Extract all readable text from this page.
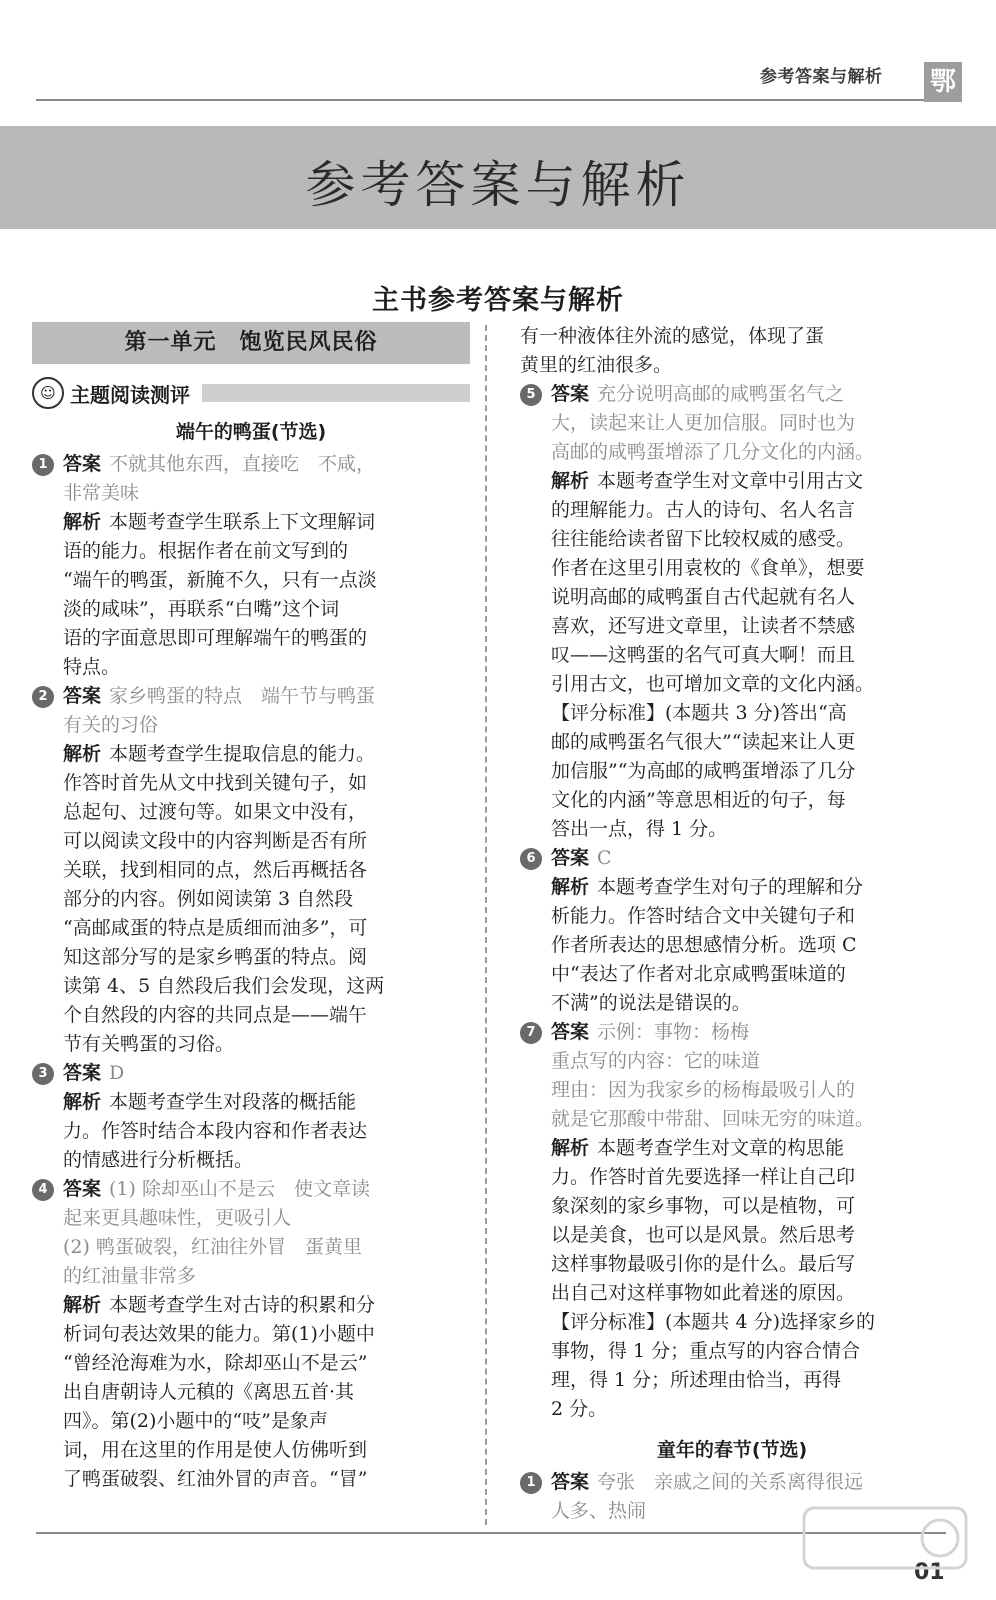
参考答案与解析	鄂
参考答案与解析
主书参考答案与解析
第一单元　饱览民风民俗
☺ 主题阅读测评
端午的鸭蛋(节选)
1 答案 不就其他东西，直接吃　不咸，

非常美味

解析 本题考查学生联系上下文理解词

语的能力。根据作者在前文写到的

“端午的鸭蛋，新腌不久，只有一点淡

淡的咸味”，再联系“白嘴”这个词

语的字面意思即可理解端午的鸭蛋的

特点。

2 答案 家乡鸭蛋的特点　端午节与鸭蛋

有关的习俗

解析 本题考查学生提取信息的能力。

作答时首先从文中找到关键句子，如

总起句、过渡句等。如果文中没有，

可以阅读文段中的内容判断是否有所

关联，找到相同的点，然后再概括各

部分的内容。例如阅读第 3 自然段

“高邮咸蛋的特点是质细而油多”，可

知这部分写的是家乡鸭蛋的特点。阅

读第 4、5 自然段后我们会发现，这两

个自然段的内容的共同点是——端午

节有关鸭蛋的习俗。

3 答案 D

解析 本题考查学生对段落的概括能

力。作答时结合本段内容和作者表达

的情感进行分析概括。

4 答案 (1) 除却巫山不是云　使文章读

起来更具趣味性，更吸引人

(2) 鸭蛋破裂，红油往外冒　蛋黄里

的红油量非常多

解析 本题考查学生对古诗的积累和分

析词句表达效果的能力。第(1)小题中

“曾经沧海难为水，除却巫山不是云”

出自唐朝诗人元稹的《离思五首·其

四》。第(2)小题中的“吱”是象声

词，用在这里的作用是使人仿佛听到

了鸭蛋破裂、红油外冒的声音。“冒”

有一种液体往外流的感觉，体现了蛋

黄里的红油很多。

5 答案 充分说明高邮的咸鸭蛋名气之

大，读起来让人更加信服。同时也为

高邮的咸鸭蛋增添了几分文化的内涵。

解析 本题考查学生对文章中引用古文

的理解能力。古人的诗句、名人名言

往往能给读者留下比较权威的感受。

作者在这里引用袁枚的《食单》，想要

说明高邮的咸鸭蛋自古代起就有名人

喜欢，还写进文章里，让读者不禁感

叹——这鸭蛋的名气可真大啊！而且

引用古文，也可增加文章的文化内涵。

【评分标准】(本题共 3 分)答出“高

邮的咸鸭蛋名气很大”“读起来让人更

加信服”“为高邮的咸鸭蛋增添了几分

文化的内涵”等意思相近的句子，每

答出一点，得 1 分。

6 答案 C

解析 本题考查学生对句子的理解和分

析能力。作答时结合文中关键句子和

作者所表达的思想感情分析。选项 C

中“表达了作者对北京咸鸭蛋味道的

不满”的说法是错误的。

7 答案 示例：事物：杨梅

重点写的内容：它的味道

理由：因为我家乡的杨梅最吸引人的

就是它那酸中带甜、回味无穷的味道。

解析 本题考查学生对文章的构思能

力。作答时首先要选择一样让自己印

象深刻的家乡事物，可以是植物，可

以是美食，也可以是风景。然后思考

这样事物最吸引你的是什么。最后写

出自己对这样事物如此着迷的原因。

【评分标准】(本题共 4 分)选择家乡的

事物，得 1 分；重点写的内容合情合

理，得 1 分；所述理由恰当，再得

2 分。

童年的春节(节选)
1 答案 夸张　亲戚之间的关系离得很远

人多、热闹

01
